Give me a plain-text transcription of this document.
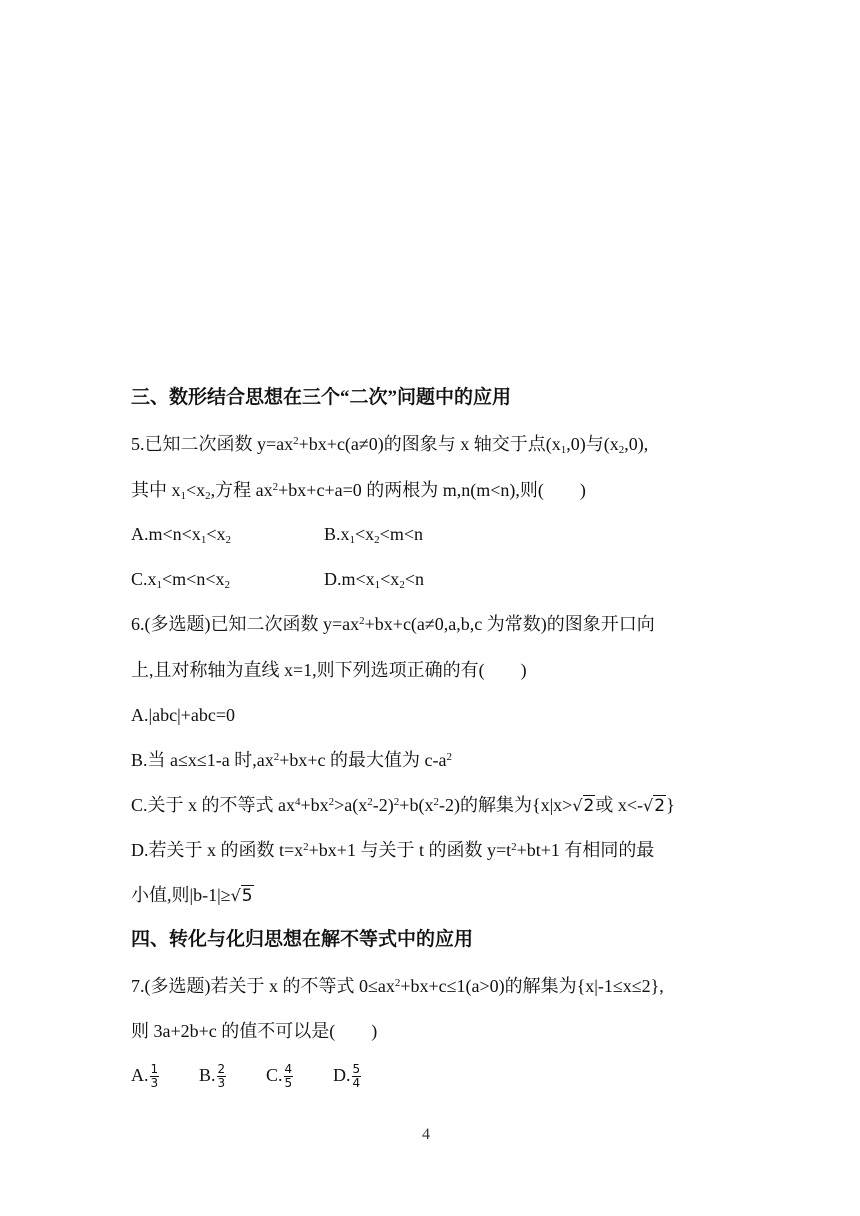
三、数形结合思想在三个“二次”问题中的应用
5.已知二次函数 $y=ax^2+bx+c(a\ne 0)$的图象与 x 轴交于点$(x_1,0)$与$(x_2,0)$,
其中 $x_1<x_2$,方程 $ax^2+bx+c+a=0$ 的两根为 m,n(m<n),则(　　)
$A.m<n<x_1<x_2$	$B.x_1<x_2<m<n$
$C.x_1<m<n<x_2$	$D.m<x_1<x_2<n$
6.(多选题)已知二次函数 $y=ax^2+bx+c(a\ne 0,a,b,c$ 为常数)的图象开口向
上,且对称轴为直线 x=1,则下列选项正确的有(　　)
A.|abc|+abc=0
B.当 a≤x≤1-a 时$,ax^2+bx+c$ 的最大值为 $c-a^2$
C.关于 x 的不等式 $ax^4+bx^2>a(x^2-2)^2+b(x^2-2)$的解集为{x|x>√2或 x<-√2}
D.若关于 x 的函数 $t=x^2+bx+1$ 与关于 t 的函数 $y=t^2+bt+1$ 有相同的最
小值,则|b-1|≥√5
四、转化与化归思想在解不等式中的应用
7.(多选题)若关于 x 的不等式 $0\le ax^2+bx+c\le 1(a>0)$的解集为{x|-1≤x≤2},
则 3a+2b+c 的值不可以是(　　)
A. $\frac{1}{3} B$. $\frac{2}{3} C$. $\frac{4}{5} D$. $\frac{5}{4}$
4
